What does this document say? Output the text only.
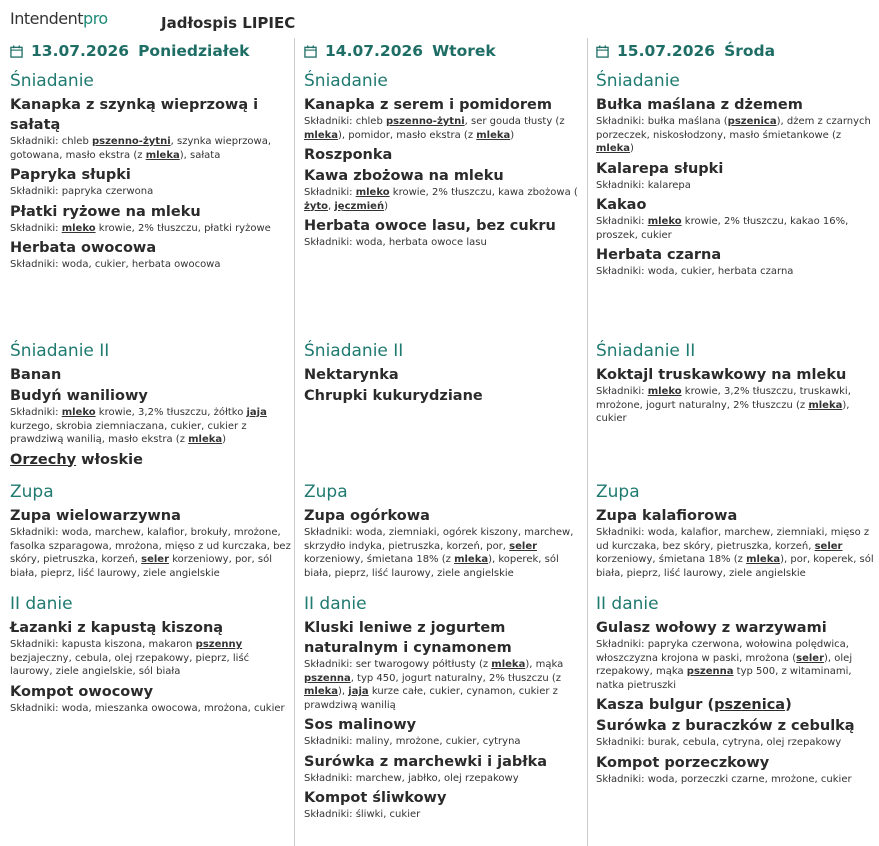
Intendentpro	Jadłospis LIPIEC
13.07.2026 Poniedziałek
Śniadanie
Kanapka z szynką wieprzową i sałatą
Składniki: chleb pszenno-żytni, szynka wieprzowa, gotowana, masło ekstra (z mleka), sałata
Papryka słupki
Składniki: papryka czerwona
Płatki ryżowe na mleku
Składniki: mleko krowie, 2% tłuszczu, płatki ryżowe
Herbata owocowa
Składniki: woda, cukier, herbata owocowa
Śniadanie II
Banan
Budyń waniliowy
Składniki: mleko krowie, 3,2% tłuszczu, żółtko jaja kurzego, skrobia ziemniaczana, cukier, cukier z prawdziwą wanilią, masło ekstra (z mleka)
Orzechy włoskie
Zupa
Zupa wielowarzywna
Składniki: woda, marchew, kalafior, brokuły, mrożone, fasolka szparagowa, mrożona, mięso z ud kurczaka, bez skóry, pietruszka, korzeń, seler korzeniowy, por, sól biała, pieprz, liść laurowy, ziele angielskie
II danie
Łazanki z kapustą kiszoną
Składniki: kapusta kiszona, makaron pszenny bezjajeczny, cebula, olej rzepakowy, pieprz, liść laurowy, ziele angielskie, sól biała
Kompot owocowy
Składniki: woda, mieszanka owocowa, mrożona, cukier
14.07.2026 Wtorek
Śniadanie
Kanapka z serem i pomidorem
Składniki: chleb pszenno-żytni, ser gouda tłusty (z mleka), pomidor, masło ekstra (z mleka)
Roszponka
Kawa zbożowa na mleku
Składniki: mleko krowie, 2% tłuszczu, kawa zbożowa ( żyto, jęczmień)
Herbata owoce lasu, bez cukru
Składniki: woda, herbata owoce lasu
Śniadanie II
Nektarynka
Chrupki kukurydziane
Zupa
Zupa ogórkowa
Składniki: woda, ziemniaki, ogórek kiszony, marchew, skrzydło indyka, pietruszka, korzeń, por, seler korzeniowy, śmietana 18% (z mleka), koperek, sól biała, pieprz, liść laurowy, ziele angielskie
II danie
Kluski leniwe z jogurtem naturalnym i cynamonem
Składniki: ser twarogowy półtłusty (z mleka), mąka pszenna, typ 450, jogurt naturalny, 2% tłuszczu (z mleka), jaja kurze całe, cukier, cynamon, cukier z prawdziwą wanilią
Sos malinowy
Składniki: maliny, mrożone, cukier, cytryna
Surówka z marchewki i jabłka
Składniki: marchew, jabłko, olej rzepakowy
Kompot śliwkowy
Składniki: śliwki, cukier
15.07.2026 Środa
Śniadanie
Bułka maślana z dżemem
Składniki: bułka maślana (pszenica), dżem z czarnych porzeczek, niskosłodzony, masło śmietankowe (z mleka)
Kalarepa słupki
Składniki: kalarepa
Kakao
Składniki: mleko krowie, 2% tłuszczu, kakao 16%, proszek, cukier
Herbata czarna
Składniki: woda, cukier, herbata czarna
Śniadanie II
Koktajl truskawkowy na mleku
Składniki: mleko krowie, 3,2% tłuszczu, truskawki, mrożone, jogurt naturalny, 2% tłuszczu (z mleka), cukier
Zupa
Zupa kalafiorowa
Składniki: woda, kalafior, marchew, ziemniaki, mięso z ud kurczaka, bez skóry, pietruszka, korzeń, seler korzeniowy, śmietana 18% (z mleka), por, koperek, sól biała, pieprz, liść laurowy, ziele angielskie
II danie
Gulasz wołowy z warzywami
Składniki: papryka czerwona, wołowina polędwica, włoszczyzna krojona w paski, mrożona (seler), olej rzepakowy, mąka pszenna typ 500, z witaminami, natka pietruszki
Kasza bulgur (pszenica)
Surówka z buraczków z cebulką
Składniki: burak, cebula, cytryna, olej rzepakowy
Kompot porzeczkowy
Składniki: woda, porzeczki czarne, mrożone, cukier
